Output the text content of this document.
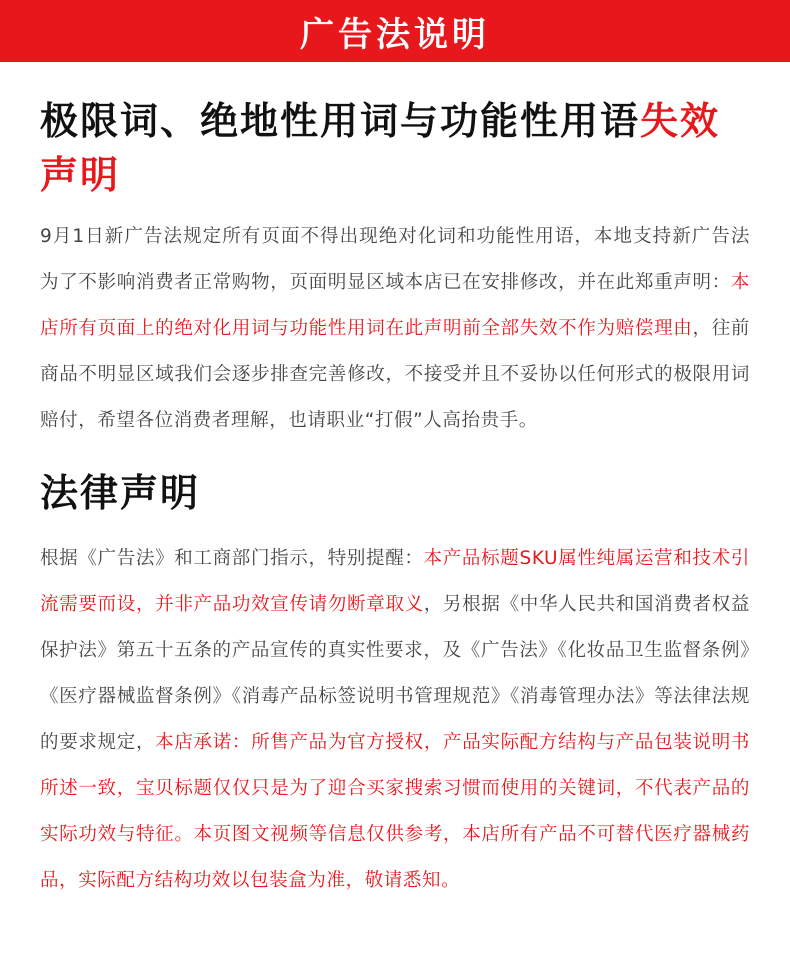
广告法说明
极限词、绝地性用词与功能性用语失效声明

9月1日新广告法规定所有页面不得出现绝对化词和功能性用语，本地支持新广告法为了不影响消费者正常购物，页面明显区域本店已在安排修改，并在此郑重声明：本店所有页面上的绝对化用词与功能性用词在此声明前全部失效不作为赔偿理由，往前商品不明显区域我们会逐步排查完善修改，不接受并且不妥协以任何形式的极限用词赔付，希望各位消费者理解，也请职业“打假”人高抬贵手。

法律声明

根据《广告法》和工商部门指示，特别提醒：本产品标题SKU属性纯属运营和技术引流需要而设，并非产品功效宣传请勿断章取义，另根据《中华人民共和国消费者权益保护法》第五十五条的产品宣传的真实性要求，及《广告法》《化妆品卫生监督条例》《医疗器械监督条例》《消毒产品标签说明书管理规范》《消毒管理办法》等法律法规的要求规定，本店承诺：所售产品为官方授权，产品实际配方结构与产品包装说明书所述一致，宝贝标题仅仅只是为了迎合买家搜索习惯而使用的关键词，不代表产品的实际功效与特征。本页图文视频等信息仅供参考，本店所有产品不可替代医疗器械药品，实际配方结构功效以包装盒为准，敬请悉知。
